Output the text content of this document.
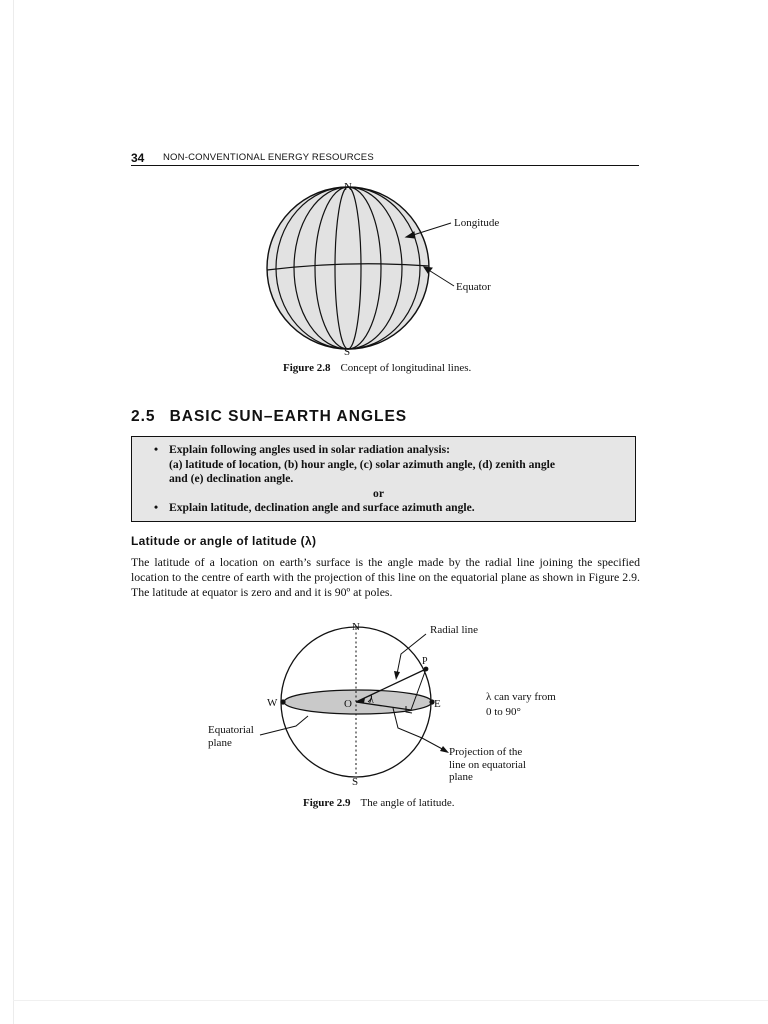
34 NON-CONVENTIONAL ENERGY RESOURCES
N
S
Longitude
Equator
Figure 2.8 Concept of longitudinal lines.
2.5 BASIC SUN–EARTH ANGLES
• Explain following angles used in solar radiation analysis:
(a) latitude of location, (b) hour angle, (c) solar azimuth angle, (d) zenith angle
and (e) declination angle.
or
• Explain latitude, declination angle and surface azimuth angle.
Latitude or angle of latitude (λ)
The latitude of a location on earth’s surface is the angle made by the radial line joining the specified location to the centre of earth with the projection of this line on the equatorial plane as shown in Figure 2.9. The latitude at equator is zero and and it is 90º at poles.
N
S
W	E
O
P
λ
Radial line
λ can vary from
0 to 90°
Equatorial
plane
Projection of the
line on equatorial
plane
Figure 2.9 The angle of latitude.
